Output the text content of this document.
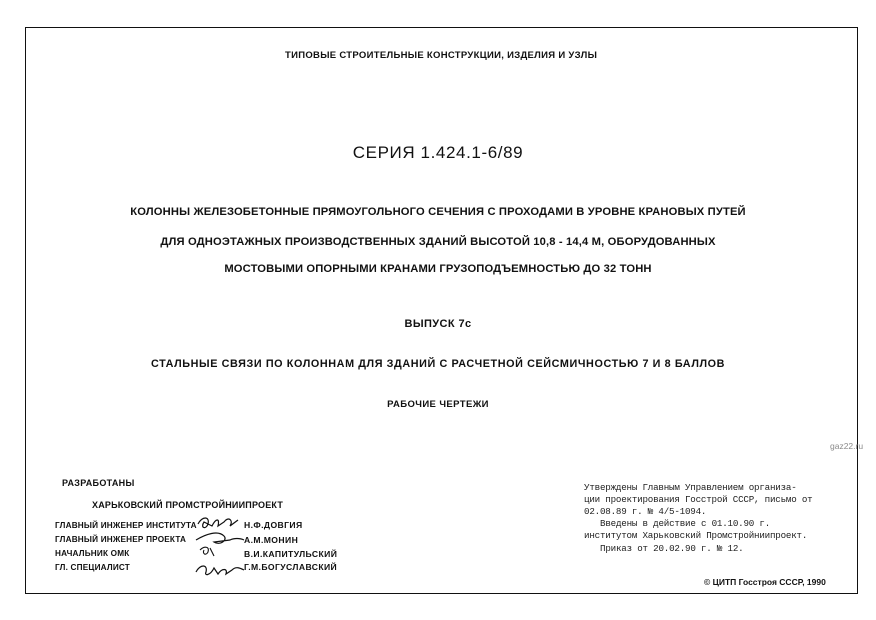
ТИПОВЫЕ СТРОИТЕЛЬНЫЕ КОНСТРУКЦИИ, ИЗДЕЛИЯ И УЗЛЫ
СЕРИЯ 1.424.1-6/89
КОЛОННЫ ЖЕЛЕЗОБЕТОННЫЕ ПРЯМОУГОЛЬНОГО СЕЧЕНИЯ С ПРОХОДАМИ В УРОВНЕ КРАНОВЫХ ПУТЕЙ
ДЛЯ ОДНОЭТАЖНЫХ ПРОИЗВОДСТВЕННЫХ ЗДАНИЙ ВЫСОТОЙ 10,8 - 14,4 М, ОБОРУДОВАННЫХ
МОСТОВЫМИ ОПОРНЫМИ КРАНАМИ ГРУЗОПОДЪЕМНОСТЬЮ ДО 32 ТОНН
ВЫПУСК 7с
СТАЛЬНЫЕ СВЯЗИ ПО КОЛОННАМ ДЛЯ ЗДАНИЙ С РАСЧЕТНОЙ СЕЙСМИЧНОСТЬЮ 7 И 8 БАЛЛОВ
РАБОЧИЕ ЧЕРТЕЖИ
gaz22.ru
РАЗРАБОТАНЫ
ХАРЬКОВСКИЙ ПРОМСТРОЙНИИПРОЕКТ
ГЛАВНЫЙ ИНЖЕНЕР ИНСТИТУТА	Н.Ф.ДОВГИЯ
ГЛАВНЫЙ ИНЖЕНЕР ПРОЕКТА	А.М.МОНИН
НАЧАЛЬНИК ОМК	В.И.КАПИТУЛЬСКИЙ
ГЛ. СПЕЦИАЛИСТ	Г.М.БОГУСЛАВСКИЙ
Утверждены Главным Управлением организа-
ции проектирования Госстрой СССР, письмо от
02.08.89 г. № 4/5-1094.
Введены в действие с 01.10.90 г.
институтом Харьковский Промстройниипроект.
Приказ от 20.02.90 г. № 12.
© ЦИТП Госстроя СССР, 1990
